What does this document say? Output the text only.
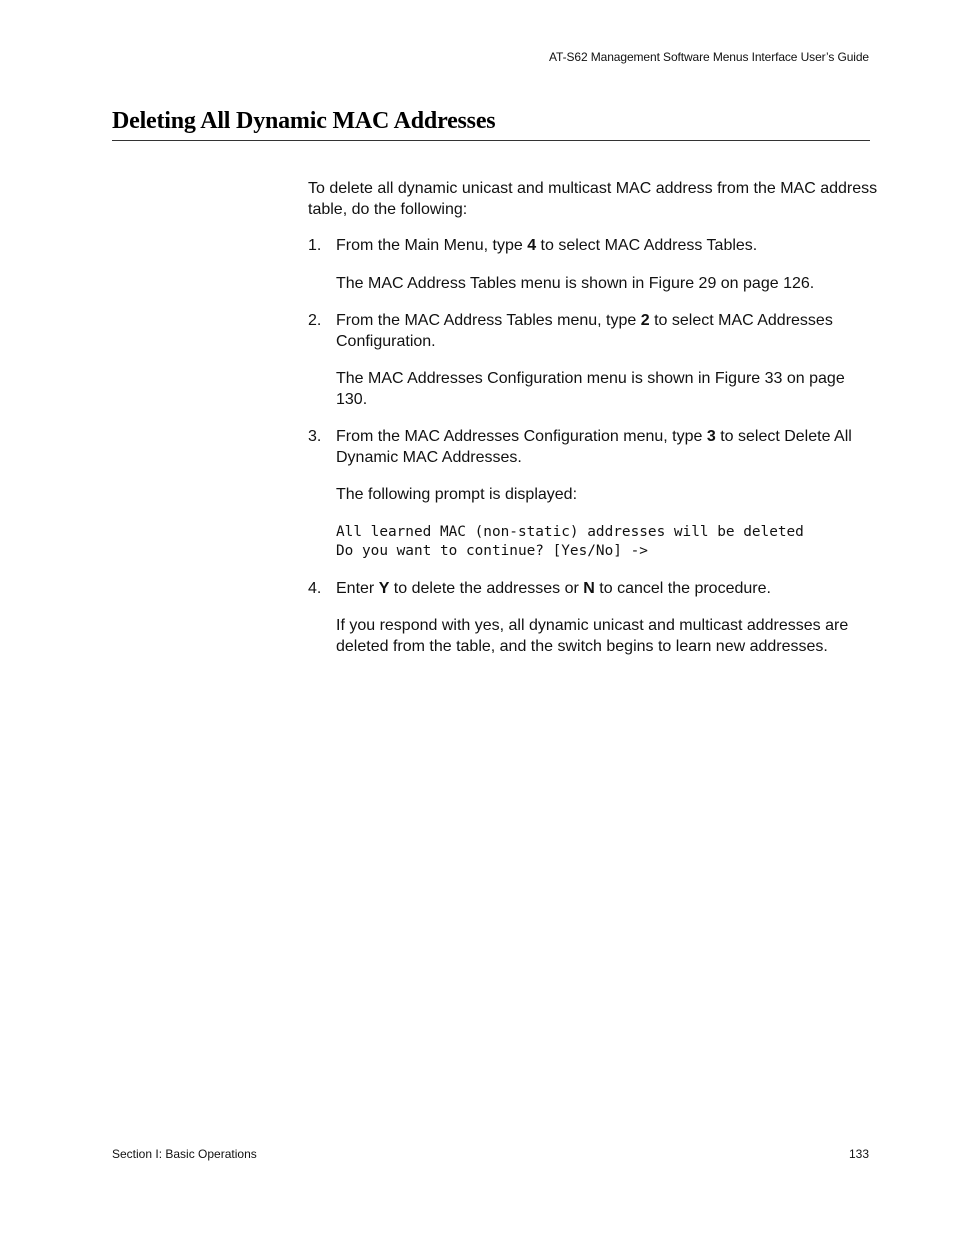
AT-S62 Management Software Menus Interface User’s Guide
Deleting All Dynamic MAC Addresses

To delete all dynamic unicast and multicast MAC address from the MAC address table, do the following:

1. From the Main Menu, type 4 to select MAC Address Tables.

The MAC Address Tables menu is shown in Figure 29 on page 126.

2. From the MAC Address Tables menu, type 2 to select MAC Addresses Configuration.

The MAC Addresses Configuration menu is shown in Figure 33 on page 130.

3. From the MAC Addresses Configuration menu, type 3 to select Delete All Dynamic MAC Addresses.

The following prompt is displayed:

All learned MAC (non-static) addresses will be deleted
Do you want to continue? [Yes/No] ->
4. Enter Y to delete the addresses or N to cancel the procedure.

If you respond with yes, all dynamic unicast and multicast addresses are deleted from the table, and the switch begins to learn new addresses.

Section I: Basic Operations	133
